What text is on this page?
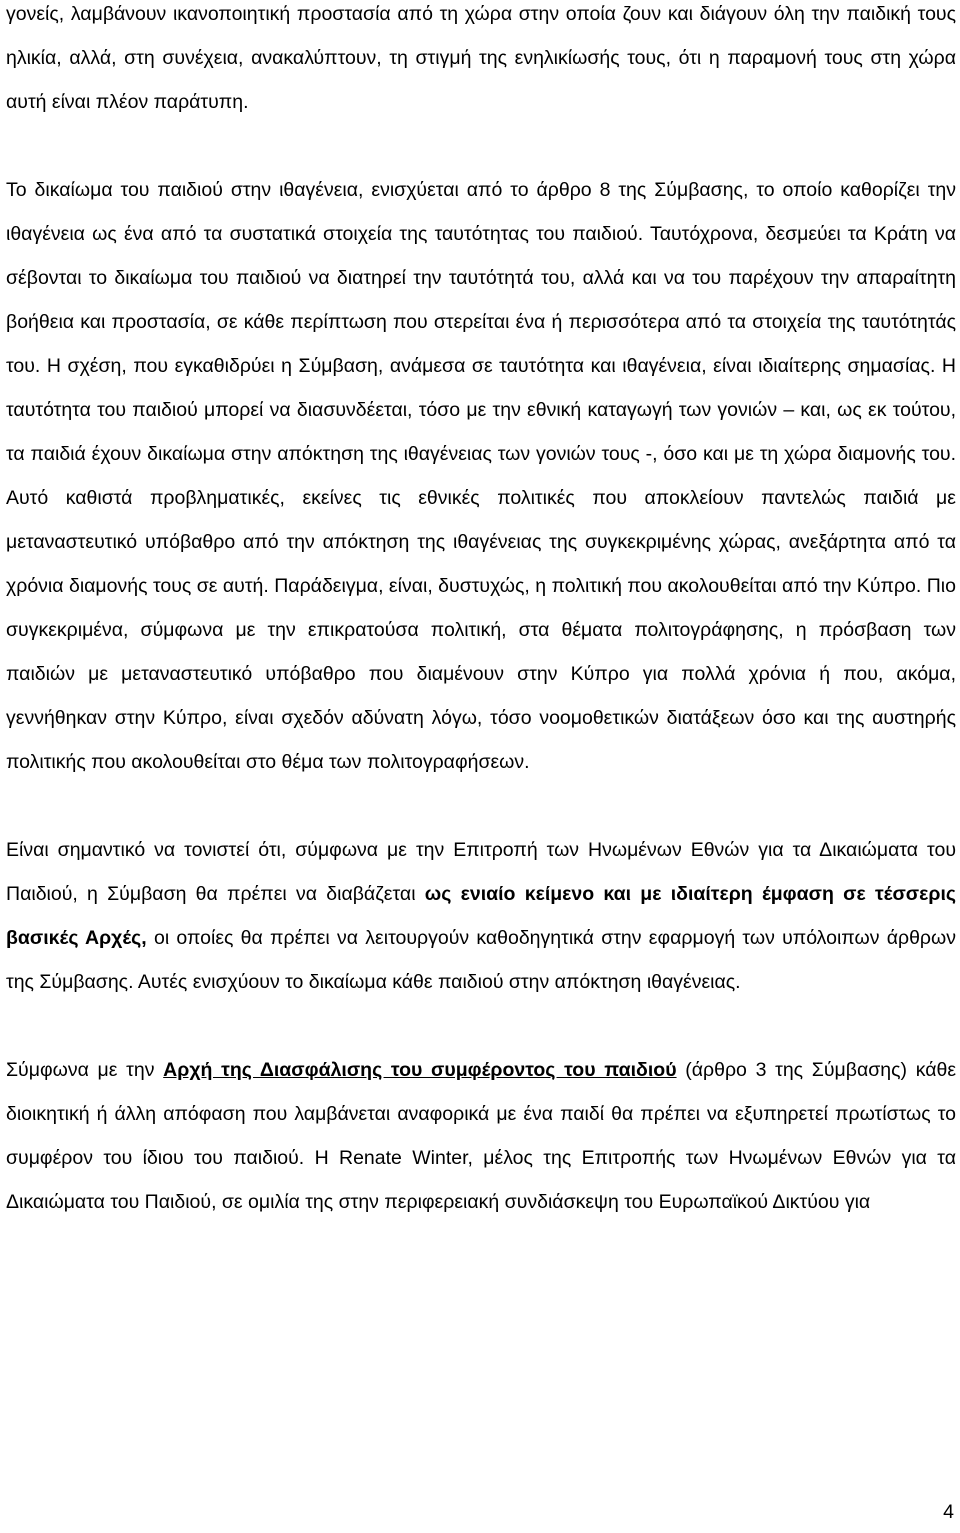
γονείς, λαμβάνουν ικανοποιητική προστασία από τη χώρα στην οποία ζουν και διάγουν όλη την παιδική τους ηλικία, αλλά, στη συνέχεια, ανακαλύπτουν, τη στιγμή της ενηλικίωσής τους, ότι η παραμονή τους στη χώρα αυτή είναι πλέον παράτυπη.

Το δικαίωμα του παιδιού στην ιθαγένεια, ενισχύεται από το άρθρο 8 της Σύμβασης, το οποίο καθορίζει την ιθαγένεια ως ένα από τα συστατικά στοιχεία της ταυτότητας του παιδιού. Ταυτόχρονα, δεσμεύει τα Κράτη να σέβονται το δικαίωμα του παιδιού να διατηρεί την ταυτότητά του, αλλά και να του παρέχουν την απαραίτητη βοήθεια και προστασία, σε κάθε περίπτωση που στερείται ένα ή περισσότερα από τα στοιχεία της ταυτότητάς του. Η σχέση, που εγκαθιδρύει η Σύμβαση, ανάμεσα σε ταυτότητα και ιθαγένεια, είναι ιδιαίτερης σημασίας. Η ταυτότητα του παιδιού μπορεί να διασυνδέεται, τόσο με την εθνική καταγωγή των γονιών – και, ως εκ τούτου, τα παιδιά έχουν δικαίωμα στην απόκτηση της ιθαγένειας των γονιών τους -, όσο και με τη χώρα διαμονής του. Αυτό καθιστά προβληματικές, εκείνες τις εθνικές πολιτικές που αποκλείουν παντελώς παιδιά με μεταναστευτικό υπόβαθρο από την απόκτηση της ιθαγένειας της συγκεκριμένης χώρας, ανεξάρτητα από τα χρόνια διαμονής τους σε αυτή. Παράδειγμα, είναι, δυστυχώς, η πολιτική που ακολουθείται από την Κύπρο. Πιο συγκεκριμένα, σύμφωνα με την επικρατούσα πολιτική, στα θέματα πολιτογράφησης, η πρόσβαση των παιδιών με μεταναστευτικό υπόβαθρο που διαμένουν στην Κύπρο για πολλά χρόνια ή που, ακόμα, γεννήθηκαν στην Κύπρο, είναι σχεδόν αδύνατη λόγω, τόσο νοομοθετικών διατάξεων όσο και της αυστηρής πολιτικής που ακολουθείται στο θέμα των πολιτογραφήσεων.

Είναι σημαντικό να τονιστεί ότι, σύμφωνα με την Επιτροπή των Ηνωμένων Εθνών για τα Δικαιώματα του Παιδιού, η Σύμβαση θα πρέπει να διαβάζεται ως ενιαίο κείμενο και με ιδιαίτερη έμφαση σε τέσσερις βασικές Αρχές, οι οποίες θα πρέπει να λειτουργούν καθοδηγητικά στην εφαρμογή των υπόλοιπων άρθρων της Σύμβασης. Αυτές ενισχύουν το δικαίωμα κάθε παιδιού στην απόκτηση ιθαγένειας.

Σύμφωνα με την Αρχή της Διασφάλισης του συμφέροντος του παιδιού (άρθρο 3 της Σύμβασης) κάθε διοικητική ή άλλη απόφαση που λαμβάνεται αναφορικά με ένα παιδί θα πρέπει να εξυπηρετεί πρωτίστως το συμφέρον του ίδιου του παιδιού. Η Renate Winter, μέλος της Επιτροπής των Ηνωμένων Εθνών για τα Δικαιώματα του Παιδιού, σε ομιλία της στην περιφερειακή συνδιάσκεψη του Ευρωπαϊκού Δικτύου για

4
